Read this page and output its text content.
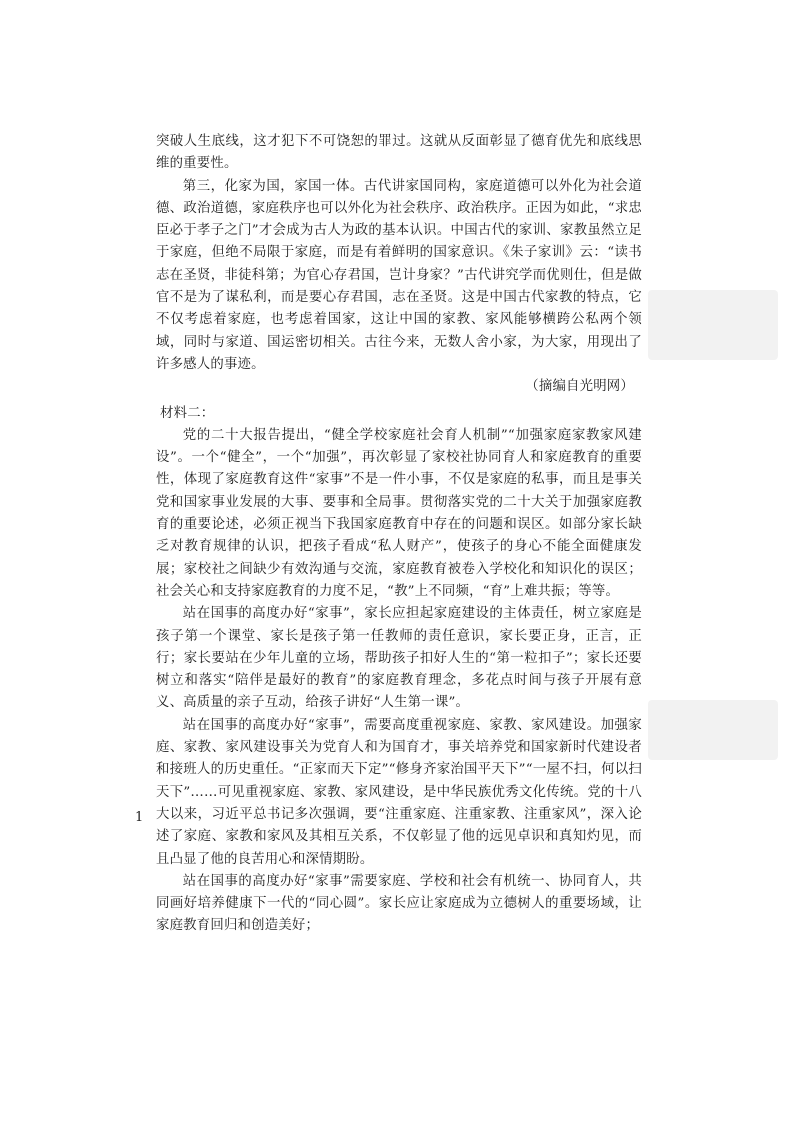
突破人生底线，这才犯下不可饶恕的罪过。这就从反面彰显了德育优先和底线思维的重要性。

第三，化家为国，家国一体。古代讲家国同构，家庭道德可以外化为社会道德、政治道德，家庭秩序也可以外化为社会秩序、政治秩序。正因为如此，“求忠臣必于孝子之门”才会成为古人为政的基本认识。中国古代的家训、家教虽然立足于家庭，但绝不局限于家庭，而是有着鲜明的国家意识。《朱子家训》云：“读书志在圣贤，非徒科第；为官心存君国，岂计身家？”古代讲究学而优则仕，但是做官不是为了谋私利，而是要心存君国，志在圣贤。这是中国古代家教的特点，它不仅考虑着家庭，也考虑着国家，这让中国的家教、家风能够横跨公私两个领域，同时与家道、国运密切相关。古往今来，无数人舍小家，为大家，用现出了许多感人的事迹。

（摘编自光明网）

材料二：

党的二十大报告提出，“健全学校家庭社会育人机制”“加强家庭家教家风建设”。一个“健全”，一个“加强”，再次彰显了家校社协同育人和家庭教育的重要性，体现了家庭教育这件“家事”不是一件小事，不仅是家庭的私事，而且是事关党和国家事业发展的大事、要事和全局事。贯彻落实党的二十大关于加强家庭教育的重要论述，必须正视当下我国家庭教育中存在的问题和误区。如部分家长缺乏对教育规律的认识，把孩子看成“私人财产”，使孩子的身心不能全面健康发展；家校社之间缺少有效沟通与交流，家庭教育被卷入学校化和知识化的误区；社会关心和支持家庭教育的力度不足，“教”上不同频，“育”上难共振；等等。

站在国事的高度办好“家事”，家长应担起家庭建设的主体责任，树立家庭是孩子第一个课堂、家长是孩子第一任教师的责任意识，家长要正身，正言，正行；家长要站在少年儿童的立场，帮助孩子扣好人生的“第一粒扣子”；家长还要树立和落实“陪伴是最好的教育”的家庭教育理念，多花点时间与孩子开展有意义、高质量的亲子互动，给孩子讲好“人生第一课”。

站在国事的高度办好“家事”，需要高度重视家庭、家教、家风建设。加强家庭、家教、家风建设事关为党育人和为国育才，事关培养党和国家新时代建设者和接班人的历史重任。“正家而天下定”“修身齐家治国平天下”“一屋不扫，何以扫天下”……可见重视家庭、家教、家风建设，是中华民族优秀文化传统。党的十八大以来，习近平总书记多次强调，要“注重家庭、注重家教、注重家风”，深入论述了家庭、家教和家风及其相互关系，不仅彰显了他的远见卓识和真知灼见，而且凸显了他的良苦用心和深情期盼。

站在国事的高度办好“家事”需要家庭、学校和社会有机统一、协同育人，共同画好培养健康下一代的“同心圆”。家长应让家庭成为立德树人的重要场域，让家庭教育回归和创造美好；

1
